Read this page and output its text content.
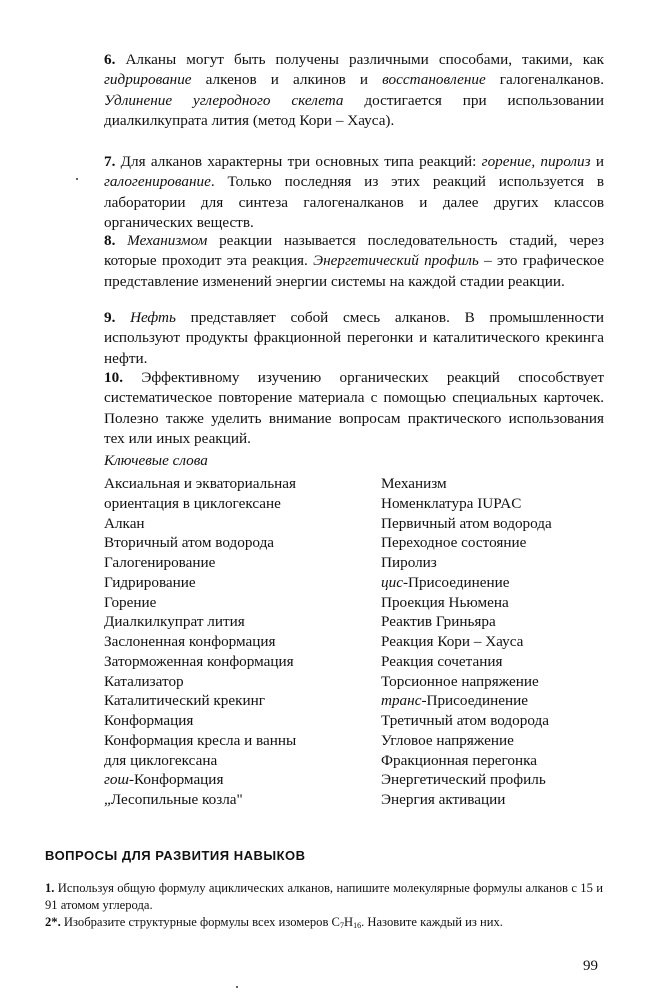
6. Алканы могут быть получены различными способами, такими, как гидрирование алкенов и алкинов и восстановление галогеналканов. Удлинение углеродного скелета достигается при использовании диалкилкупрата лития (метод Кори – Хауса).
7. Для алканов характерны три основных типа реакций: горение, пиролиз и галогенирование. Только последняя из этих реакций используется в лаборатории для синтеза галогеналканов и далее других классов органических веществ.
8. Механизмом реакции называется последовательность стадий, через которые проходит эта реакция. Энергетический профиль – это графическое представление изменений энергии системы на каждой стадии реакции.
9. Нефть представляет собой смесь алканов. В промышленности используют продукты фракционной перегонки и каталитического крекинга нефти.
10. Эффективному изучению органических реакций способствует систематическое повторение материала с помощью специальных карточек. Полезно также уделить внимание вопросам практического использования тех или иных реакций.
Ключевые слова
Аксиальная и экваториальная
ориентация в циклогексане
Алкан
Вторичный атом водорода
Галогенирование
Гидрирование
Горение
Диалкилкупрат лития
Заслоненная конформация
Заторможенная конформация
Катализатор
Каталитический крекинг
Конформация
Конформация кресла и ванны
для циклогексана
гош-Конформация
„Лесопильные козла"
Механизм
Номенклатура IUPAC
Первичный атом водорода
Переходное состояние
Пиролиз
цис-Присоединение
Проекция Ньюмена
Реактив Гриньяра
Реакция Кори – Хауса
Реакция сочетания
Торсионное напряжение
транс-Присоединение
Третичный атом водорода
Угловое напряжение
Фракционная перегонка
Энергетический профиль
Энергия активации
ВОПРОСЫ ДЛЯ РАЗВИТИЯ НАВЫКОВ
1. Используя общую формулу ациклических алканов, напишите молекулярные формулы алканов с 15 и 91 атомом углерода.
2*. Изобразите структурные формулы всех изомеров $C_7H_{16}$. Назовите каждый из них.
99
